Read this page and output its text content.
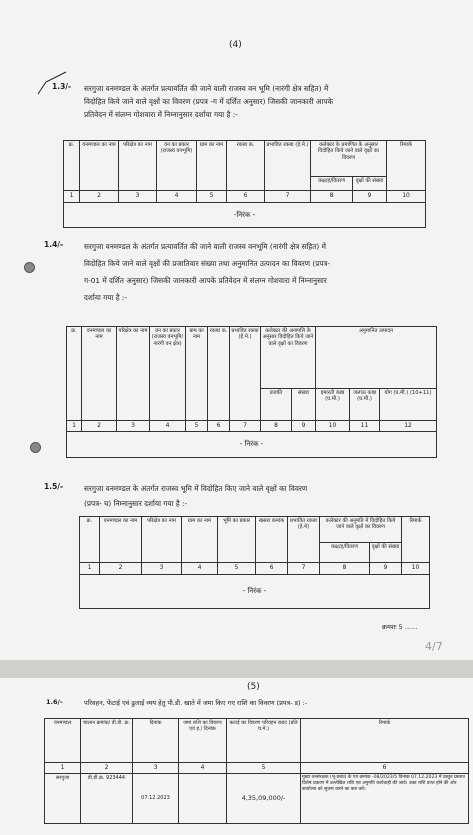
(4)
1.3/- सरगुजा वनमण्डल के अंतर्गत प्रत्यावर्तित की जाने वाली राजस्व वन भूमि (नारंगी क्षेत्र सहित) में
विदोहित किये जाने वाले वृक्षों का विवरण (प्रपत्र -ग में दर्शित अनुसार) जिसकी जानकारी आपके
प्रतिवेदन में संलग्न गोशवारा में निम्नानुसार दर्शाया गया है :-
क्र.	वनमण्डल का नाम	परिक्षेत्र का नाम	वन का प्रकार (राजस्व वनभूमि)	ग्राम का नाम	रकबा क.	प्रभावित रकबा (हे.मे.)	कलेक्टर के प्रमाणित के अनुसार विदोहित किये जाने वाले वृक्षों का विवरण		रिमार्क
							कक्ष/ह/वितरण	वृक्षों की संख्या	
1	2	3	4	5	6	7	8	9	10
-निरंक -									
1.4/-	सरगुजा वनमण्डल के अंतर्गत प्रत्यावर्तित की जाने वाली राजस्व वनभूमि (नारंगी क्षेत्र सहित) में
विदोहित किये जाने वाले वृक्षों की प्रजातिवार संख्या तथा अनुमानित उत्पादन का विवरण (प्रपत्र-
ग-01 में दर्शित अनुसार) जिसकी जानकारी आपके प्रतिवेदन में संलग्न गोशवारा में निम्नानुसार
दर्शाया गया है :-
क्र.	वनमण्डल का नाम	परिक्षेत्र का नाम	वन का प्रकार (राजस्व वनभूमि/ नारंगी वन क्षेत्र)	ग्राम का नाम	रकबा क.	प्रभावित रकबा (हे.मे.)	कलेक्टर की अनापत्ति के अनुसार विदोहित किये जाने वाले वृक्षों का विवरण		अनुमानित उत्पादन		
							प्रजाति	संख्या	इमारती काष्ठ (घ.मी.)	जलाऊ काष्ठ (घ.मी.)	योग (घ.मी.) (10+11)
1	2	3	4	5	6	7	8	9	10	11	12
- निरंक -											
1.5/-	सरगुजा वनमण्डल के अंतर्गत राजस्व भूमि में विदोहित किए जाने वाले वृक्षों का विवरण
(प्रपत्र- घ) निम्नानुसार दर्शाया गया है :-
क्र.	वनमण्डल का नाम	परिक्षेत्र का नाम	ग्राम का नाम	भूमि का प्रकार	खसरा कमांक	प्रभावित रकबा (हे.मे)	कलेक्टर की अनुमति में विदोहित किये जाने वाले वृक्षों का विवरण		रिमार्क
							कक्ष/ह/वितरण	वृक्षों की संख्या	
1	2	3	4	5	6	7	8	9	10
- निरंक -									
क्रमशः 5 ......
4/7
(5)
1.6/-	परिवहन, फेंटाई एवं ढुलाई व्यय हेतु पी.डी. खाते में जमा किए गए राशि का विवरण (प्रपत्र- ड) :-
वनमण्डल	चालान क्रमांक/ डी.डी. क्र.	दिनांक	जमा राशि का विवरण एवं ह./ दिनांक	कटाई का विवरण परिवहन बजट (प्रति घ.मे.)	रिमार्क
1	2	3	4	5	6
सरगुजा	डी.डी.क्र. 923444	07.12.2023		4,35,09,000/-	मुख्य वनसंरक्षक (भू-प्रबंध) के पत्र क्रमांक -08/2023/5 दिनांक 07.12.2023 में प्रस्तुत प्रस्ताव विशेष प्रकरण में उल्लेखित राशि एवं अनुमति कार्यवाही की जावे। उक्त राशि प्राप्त होने की ओर कार्यालय को सूचना करने का कष्ट करें।
